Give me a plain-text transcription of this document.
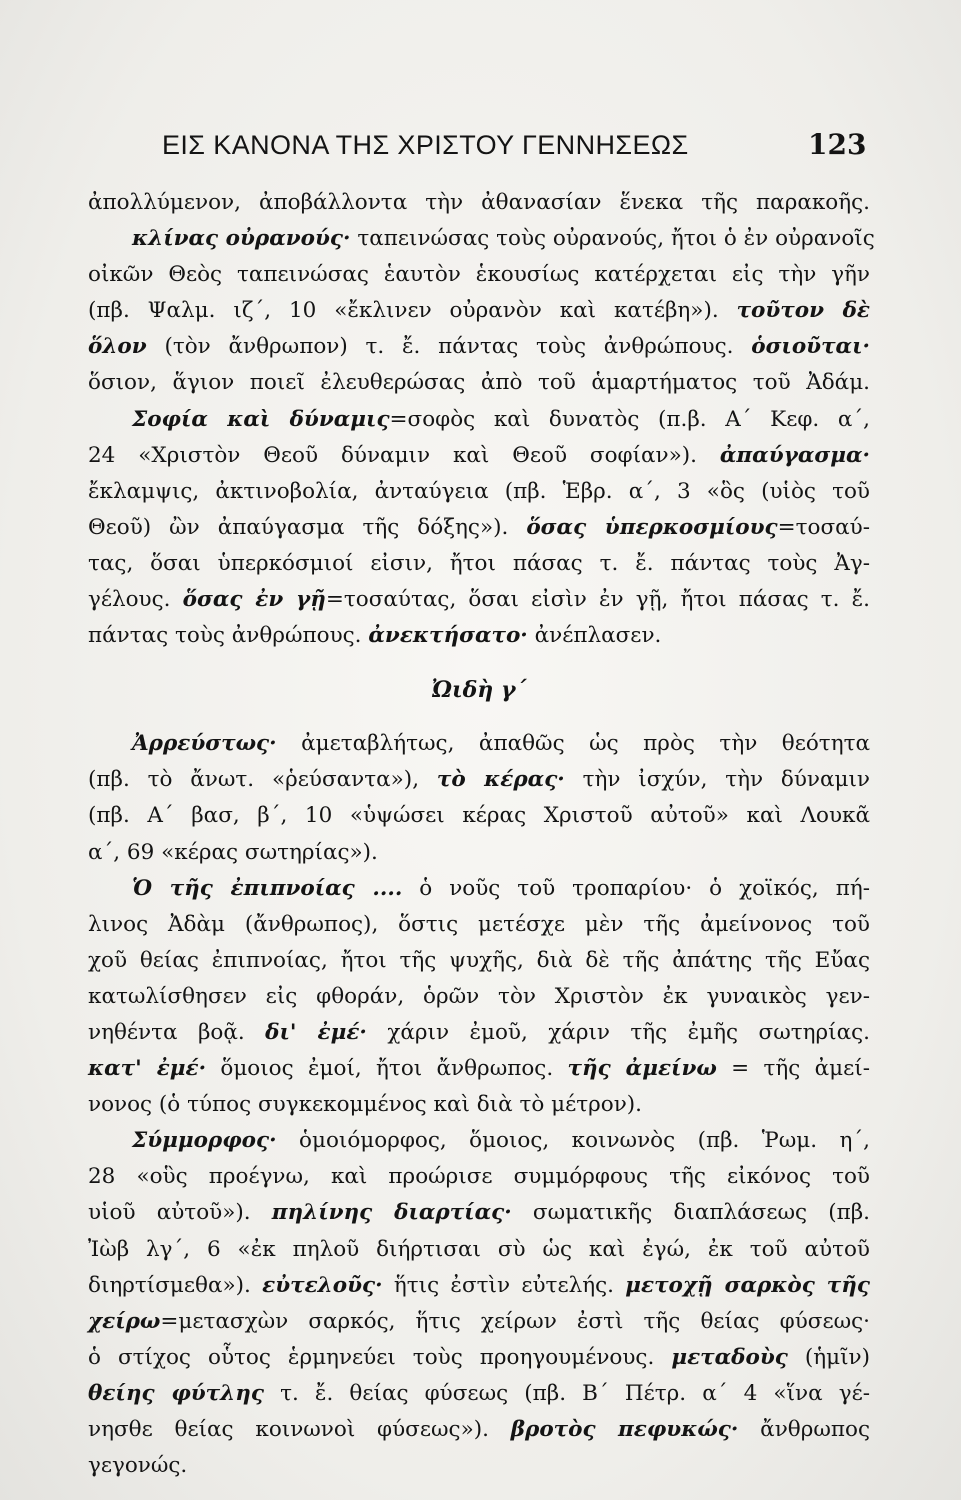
ΕΙΣ ΚΑΝΟΝΑ ΤΗΣ ΧΡΙΣΤΟΥ ΓΕΝΝΗΣΕΩΣ	123
ἀπολλύμενον, ἀποβάλλοντα τὴν ἀθανασίαν ἕνεκα τῆς παρακοῆς.
κλίνας οὐρανούς· ταπεινώσας τοὺς οὐρανούς, ἤτοι ὁ ἐν οὐρανοῖς
οἰκῶν Θεὸς ταπεινώσας ἑαυτὸν ἑκουσίως κατέρχεται εἰς τὴν γῆν
(πβ. Ψαλμ. ιζ΄, 10 «ἔκλινεν οὐρανὸν καὶ κατέβη»). τοῦτον δὲ
ὅλον (τὸν ἄνθρωπον) τ. ἔ. πάντας τοὺς ἀνθρώπους. ὁσιοῦται·
ὅσιον, ἅγιον ποιεῖ ἐλευθερώσας ἀπὸ τοῦ ἁμαρτήματος τοῦ Ἀδάμ.
Σοφία καὶ δύναμις=σοφὸς καὶ δυνατὸς (π.β. Α΄ Κεφ. α΄,
24 «Χριστὸν Θεοῦ δύναμιν καὶ Θεοῦ σοφίαν»). ἀπαύγασμα·
ἔκλαμψις, ἀκτινοβολία, ἀνταύγεια (πβ. Ἑβρ. α΄, 3 «ὃς (υἱὸς τοῦ
Θεοῦ) ὢν ἀπαύγασμα τῆς δόξης»). ὅσας ὑπερκοσμίους=τοσαύ-
τας, ὅσαι ὑπερκόσμιοί εἰσιν, ἤτοι πάσας τ. ἔ. πάντας τοὺς Ἀγ-
γέλους. ὅσας ἐν γῇ=τοσαύτας, ὅσαι εἰσὶν ἐν γῇ, ἤτοι πάσας τ. ἔ.
πάντας τοὺς ἀνθρώπους. ἀνεκτήσατο· ἀνέπλασεν.
Ὠιδὴ γ΄
Ἀρρεύστως· ἀμεταβλήτως, ἀπαθῶς ὡς πρὸς τὴν θεότητα
(πβ. τὸ ἄνωτ. «ῥεύσαντα»), τὸ κέρας· τὴν ἰσχύν, τὴν δύναμιν
(πβ. Α΄ βασ, β΄, 10 «ὑψώσει κέρας Χριστοῦ αὐτοῦ» καὶ Λουκᾶ
α΄, 69 «κέρας σωτηρίας»).
Ὁ τῆς ἐπιπνοίας .... ὁ νοῦς τοῦ τροπαρίου· ὁ χοϊκός, πή-
λινος Ἀδὰμ (ἄνθρωπος), ὅστις μετέσχε μὲν τῆς ἀμείνονος τοῦ
χοῦ θείας ἐπιπνοίας, ἤτοι τῆς ψυχῆς, διὰ δὲ τῆς ἀπάτης τῆς Εὔας
κατωλίσθησεν εἰς φθοράν, ὁρῶν τὸν Χριστὸν ἐκ γυναικὸς γεν-
νηθέντα βοᾷ. δι' ἐμέ· χάριν ἐμοῦ, χάριν τῆς ἐμῆς σωτηρίας.
κατ' ἐμέ· ὅμοιος ἐμοί, ἤτοι ἄνθρωπος. τῆς ἀμείνω = τῆς ἀμεί-
νονος (ὁ τύπος συγκεκομμένος καὶ διὰ τὸ μέτρον).
Σύμμορφος· ὁμοιόμορφος, ὅμοιος, κοινωνὸς (πβ. Ῥωμ. η΄,
28 «οὓς προέγνω, καὶ προώρισε συμμόρφους τῆς εἰκόνος τοῦ
υἱοῦ αὐτοῦ»). πηλίνης διαρτίας· σωματικῆς διαπλάσεως (πβ.
Ἰὼβ λγ΄, 6 «ἐκ πηλοῦ διήρτισαι σὺ ὡς καὶ ἐγώ, ἐκ τοῦ αὐτοῦ
διηρτίσμεθα»). εὐτελοῦς· ἥτις ἐστὶν εὐτελής. μετοχῇ σαρκὸς τῆς
χείρω=μετασχὼν σαρκός, ἥτις χείρων ἐστὶ τῆς θείας φύσεως·
ὁ στίχος οὗτος ἑρμηνεύει τοὺς προηγουμένους. μεταδοὺς (ἡμῖν)
θείης φύτλης τ. ἔ. θείας φύσεως (πβ. Β΄ Πέτρ. α΄ 4 «ἵνα γέ-
νησθε θείας κοινωνοὶ φύσεως»). βροτὸς πεφυκώς· ἄνθρωπος
γεγονώς.
